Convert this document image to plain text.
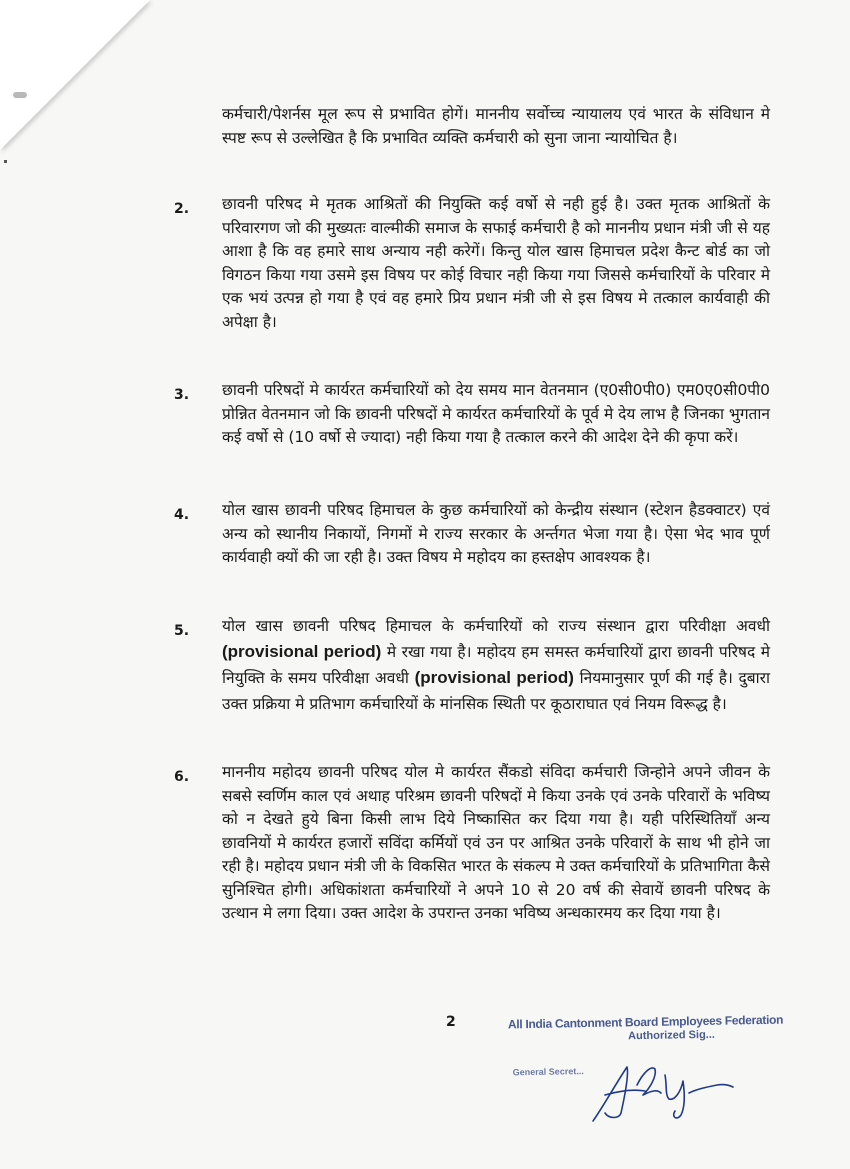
कर्मचारी/पेशर्नस मूल रूप से प्रभावित होगें। माननीय सर्वोच्च न्यायालय एवं भारत के संविधान मे स्पष्ट रूप से उल्लेखित है कि प्रभावित व्यक्ति कर्मचारी को सुना जाना न्यायोचित है।

2.	छावनी परिषद मे मृतक आश्रितों की नियुक्ति कई वर्षो से नही हुई है। उक्त मृतक आश्रितों के परिवारगण जो की मुख्यतः वाल्मीकी समाज के सफाई कर्मचारी है को माननीय प्रधान मंत्री जी से यह आशा है कि वह हमारे साथ अन्याय नही करेगें। किन्तु योल खास हिमाचल प्रदेश कैन्ट बोर्ड का जो विगठन किया गया उसमे इस विषय पर कोई विचार नही किया गया जिससे कर्मचारियों के परिवार मे एक भयं उत्पन्न हो गया है एवं वह हमारे प्रिय प्रधान मंत्री जी से इस विषय मे तत्काल कार्यवाही की अपेक्षा है।

3.	छावनी परिषदों मे कार्यरत कर्मचारियों को देय समय मान वेतनमान (ए0सी0पी0) एम0ए0सी0पी0 प्रोन्नित वेतनमान जो कि छावनी परिषदों मे कार्यरत कर्मचारियों के पूर्व मे देय लाभ है जिनका भुगतान कई वर्षो से (10 वर्षो से ज्यादा) नही किया गया है तत्काल करने की आदेश देने की कृपा करें।

4.	योल खास छावनी परिषद हिमाचल के कुछ कर्मचारियों को केन्द्रीय संस्थान (स्टेशन हैडक्वाटर) एवं अन्य को स्थानीय निकायों, निगमों मे राज्य सरकार के अर्न्तगत भेजा गया है। ऐसा भेद भाव पूर्ण कार्यवाही क्यों की जा रही है। उक्त विषय मे महोदय का हस्तक्षेप आवश्यक है।

5.	योल खास छावनी परिषद हिमाचल के कर्मचारियों को राज्य संस्थान द्वारा परिवीक्षा अवधी (provisional period) मे रखा गया है। महोदय हम समस्त कर्मचारियों द्वारा छावनी परिषद मे नियुक्ति के समय परिवीक्षा अवधी (provisional period) नियमानुसार पूर्ण की गई है। दुबारा उक्त प्रक्रिया मे प्रतिभाग कर्मचारियों के मांनसिक स्थिती पर कूठाराघात एवं नियम विरूद्ध है।

6.	माननीय महोदय छावनी परिषद योल मे कार्यरत सैंकडो संविदा कर्मचारी जिन्होने अपने जीवन के सबसे स्वर्णिम काल एवं अथाह परिश्रम छावनी परिषदों मे किया उनके एवं उनके परिवारों के भविष्य को न देखते हुये बिना किसी लाभ दिये निष्कासित कर दिया गया है। यही परिस्थितियॉं अन्य छावनियों मे कार्यरत हजारों सविंदा कर्मियों एवं उन पर आश्रित उनके परिवारों के साथ भी होने जा रही है। महोदय प्रधान मंत्री जी के विकसित भारत के संकल्प मे उक्त कर्मचारियों के प्रतिभागिता कैसे सुनिश्चित होगी। अधिकांशता कर्मचारियों ने अपने 10 से 20 वर्ष की सेवायें छावनी परिषद के उत्थान मे लगा दिया। उक्त आदेश के उपरान्त उनका भविष्य अन्धकारमय कर दिया गया है।

2	All India Cantonment Board Employees Federation
Authorized Sig...
General Secret...
